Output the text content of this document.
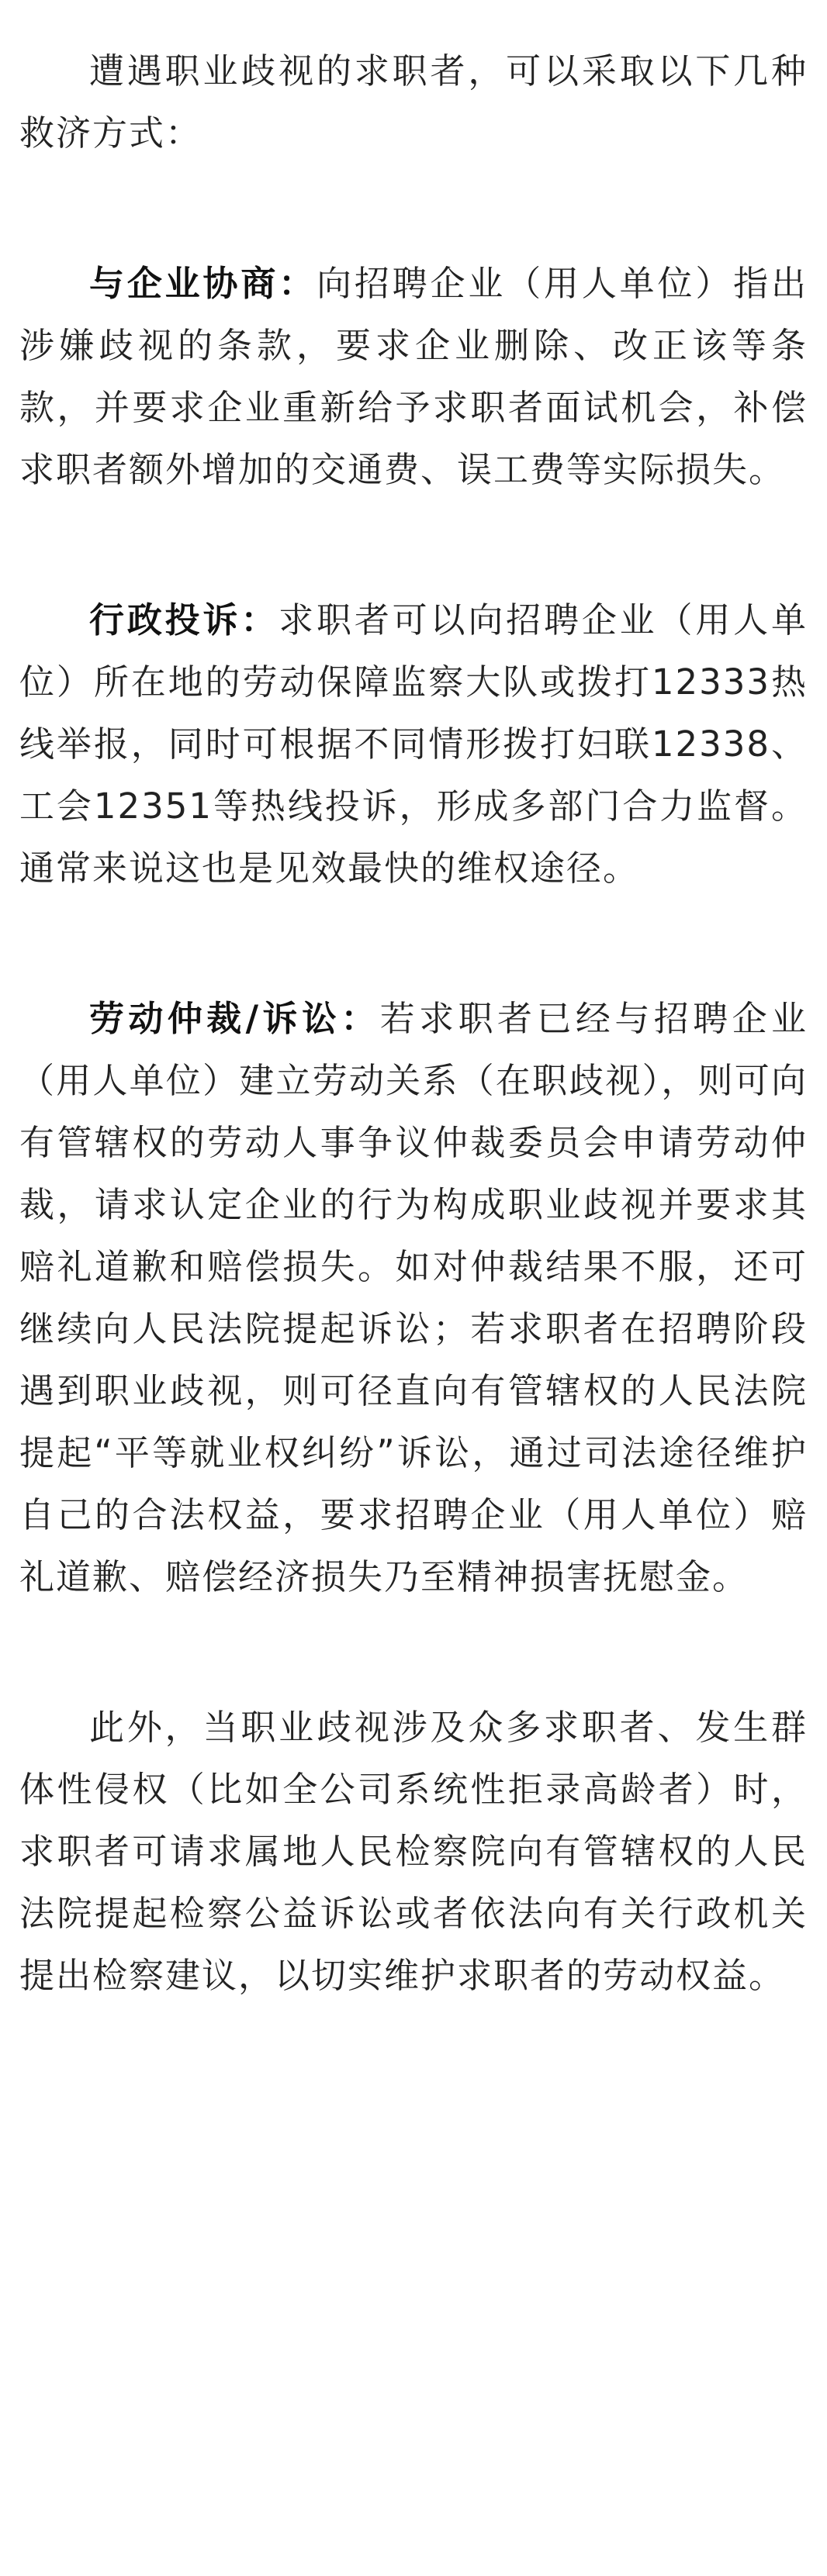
遭遇职业歧视的求职者，可以采取以下几种救济方式：

与企业协商：向招聘企业（用人单位）指出涉嫌歧视的条款，要求企业删除、改正该等条款，并要求企业重新给予求职者面试机会，补偿求职者额外增加的交通费、误工费等实际损失。

行政投诉：求职者可以向招聘企业（用人单位）所在地的劳动保障监察大队或拨打12333热线举报，同时可根据不同情形拨打妇联12338、工会12351等热线投诉，形成多部门合力监督。通常来说这也是见效最快的维权途径。

劳动仲裁/诉讼：若求职者已经与招聘企业（用人单位）建立劳动关系（在职歧视），则可向有管辖权的劳动人事争议仲裁委员会申请劳动仲裁，请求认定企业的行为构成职业歧视并要求其赔礼道歉和赔偿损失。如对仲裁结果不服，还可继续向人民法院提起诉讼；若求职者在招聘阶段遇到职业歧视，则可径直向有管辖权的人民法院提起“平等就业权纠纷”诉讼，通过司法途径维护自己的合法权益，要求招聘企业（用人单位）赔礼道歉、赔偿经济损失乃至精神损害抚慰金。

此外，当职业歧视涉及众多求职者、发生群体性侵权（比如全公司系统性拒录高龄者）时，求职者可请求属地人民检察院向有管辖权的人民法院提起检察公益诉讼或者依法向有关行政机关提出检察建议，以切实维护求职者的劳动权益。
